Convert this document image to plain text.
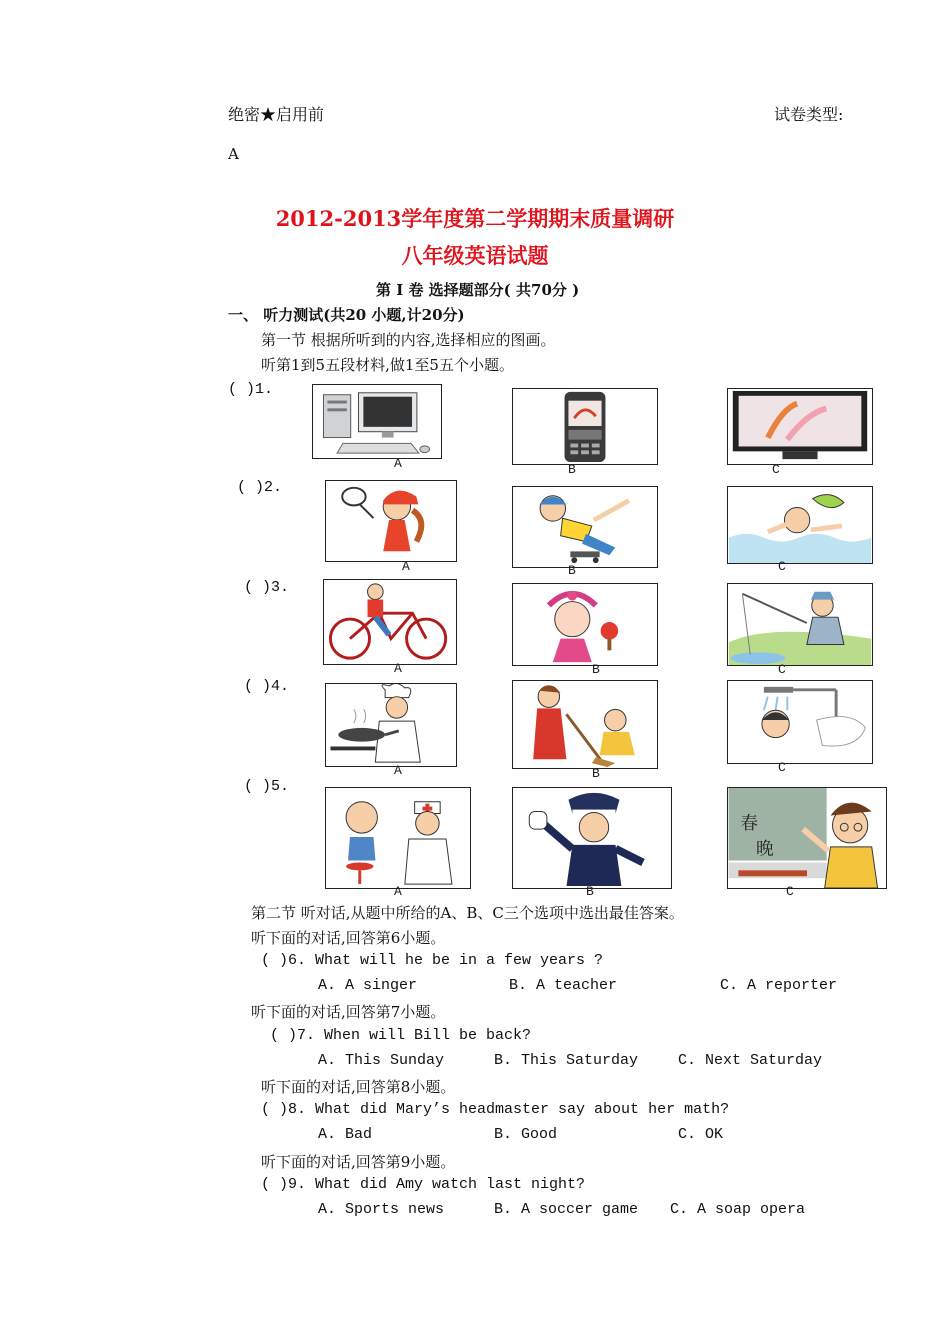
绝密★启用前	试卷类型:
A
2012-2013学年度第二学期期末质量调研
八年级英语试题
第 I 卷 选择题部分( 共70分 )
一、 听力测试(共20 小题,计20分)
第一节 根据所听到的内容,选择相应的图画。
听第1到5五段材料,做1至5五个小题。
( )1.
A	B	C
( )2.
A	B	C
( )3.
A	B	C
( )4.
A	B	C
( )5.
A	B
春
晚
C
第二节 听对话,从题中所给的A、B、C三个选项中选出最佳答案。
听下面的对话,回答第6小题。
( )6. What will he be in a few years ?
A. A singer	B. A teacher	C. A reporter
听下面的对话,回答第7小题。
( )7. When will Bill be back?
A. This Sunday	B. This Saturday	C. Next Saturday
听下面的对话,回答第8小题。
( )8. What did Mary’s headmaster say about her math?
A. Bad	B. Good	C. OK
听下面的对话,回答第9小题。
( )9. What did Amy watch last night?
A. Sports news	B. A soccer game C. A soap opera
